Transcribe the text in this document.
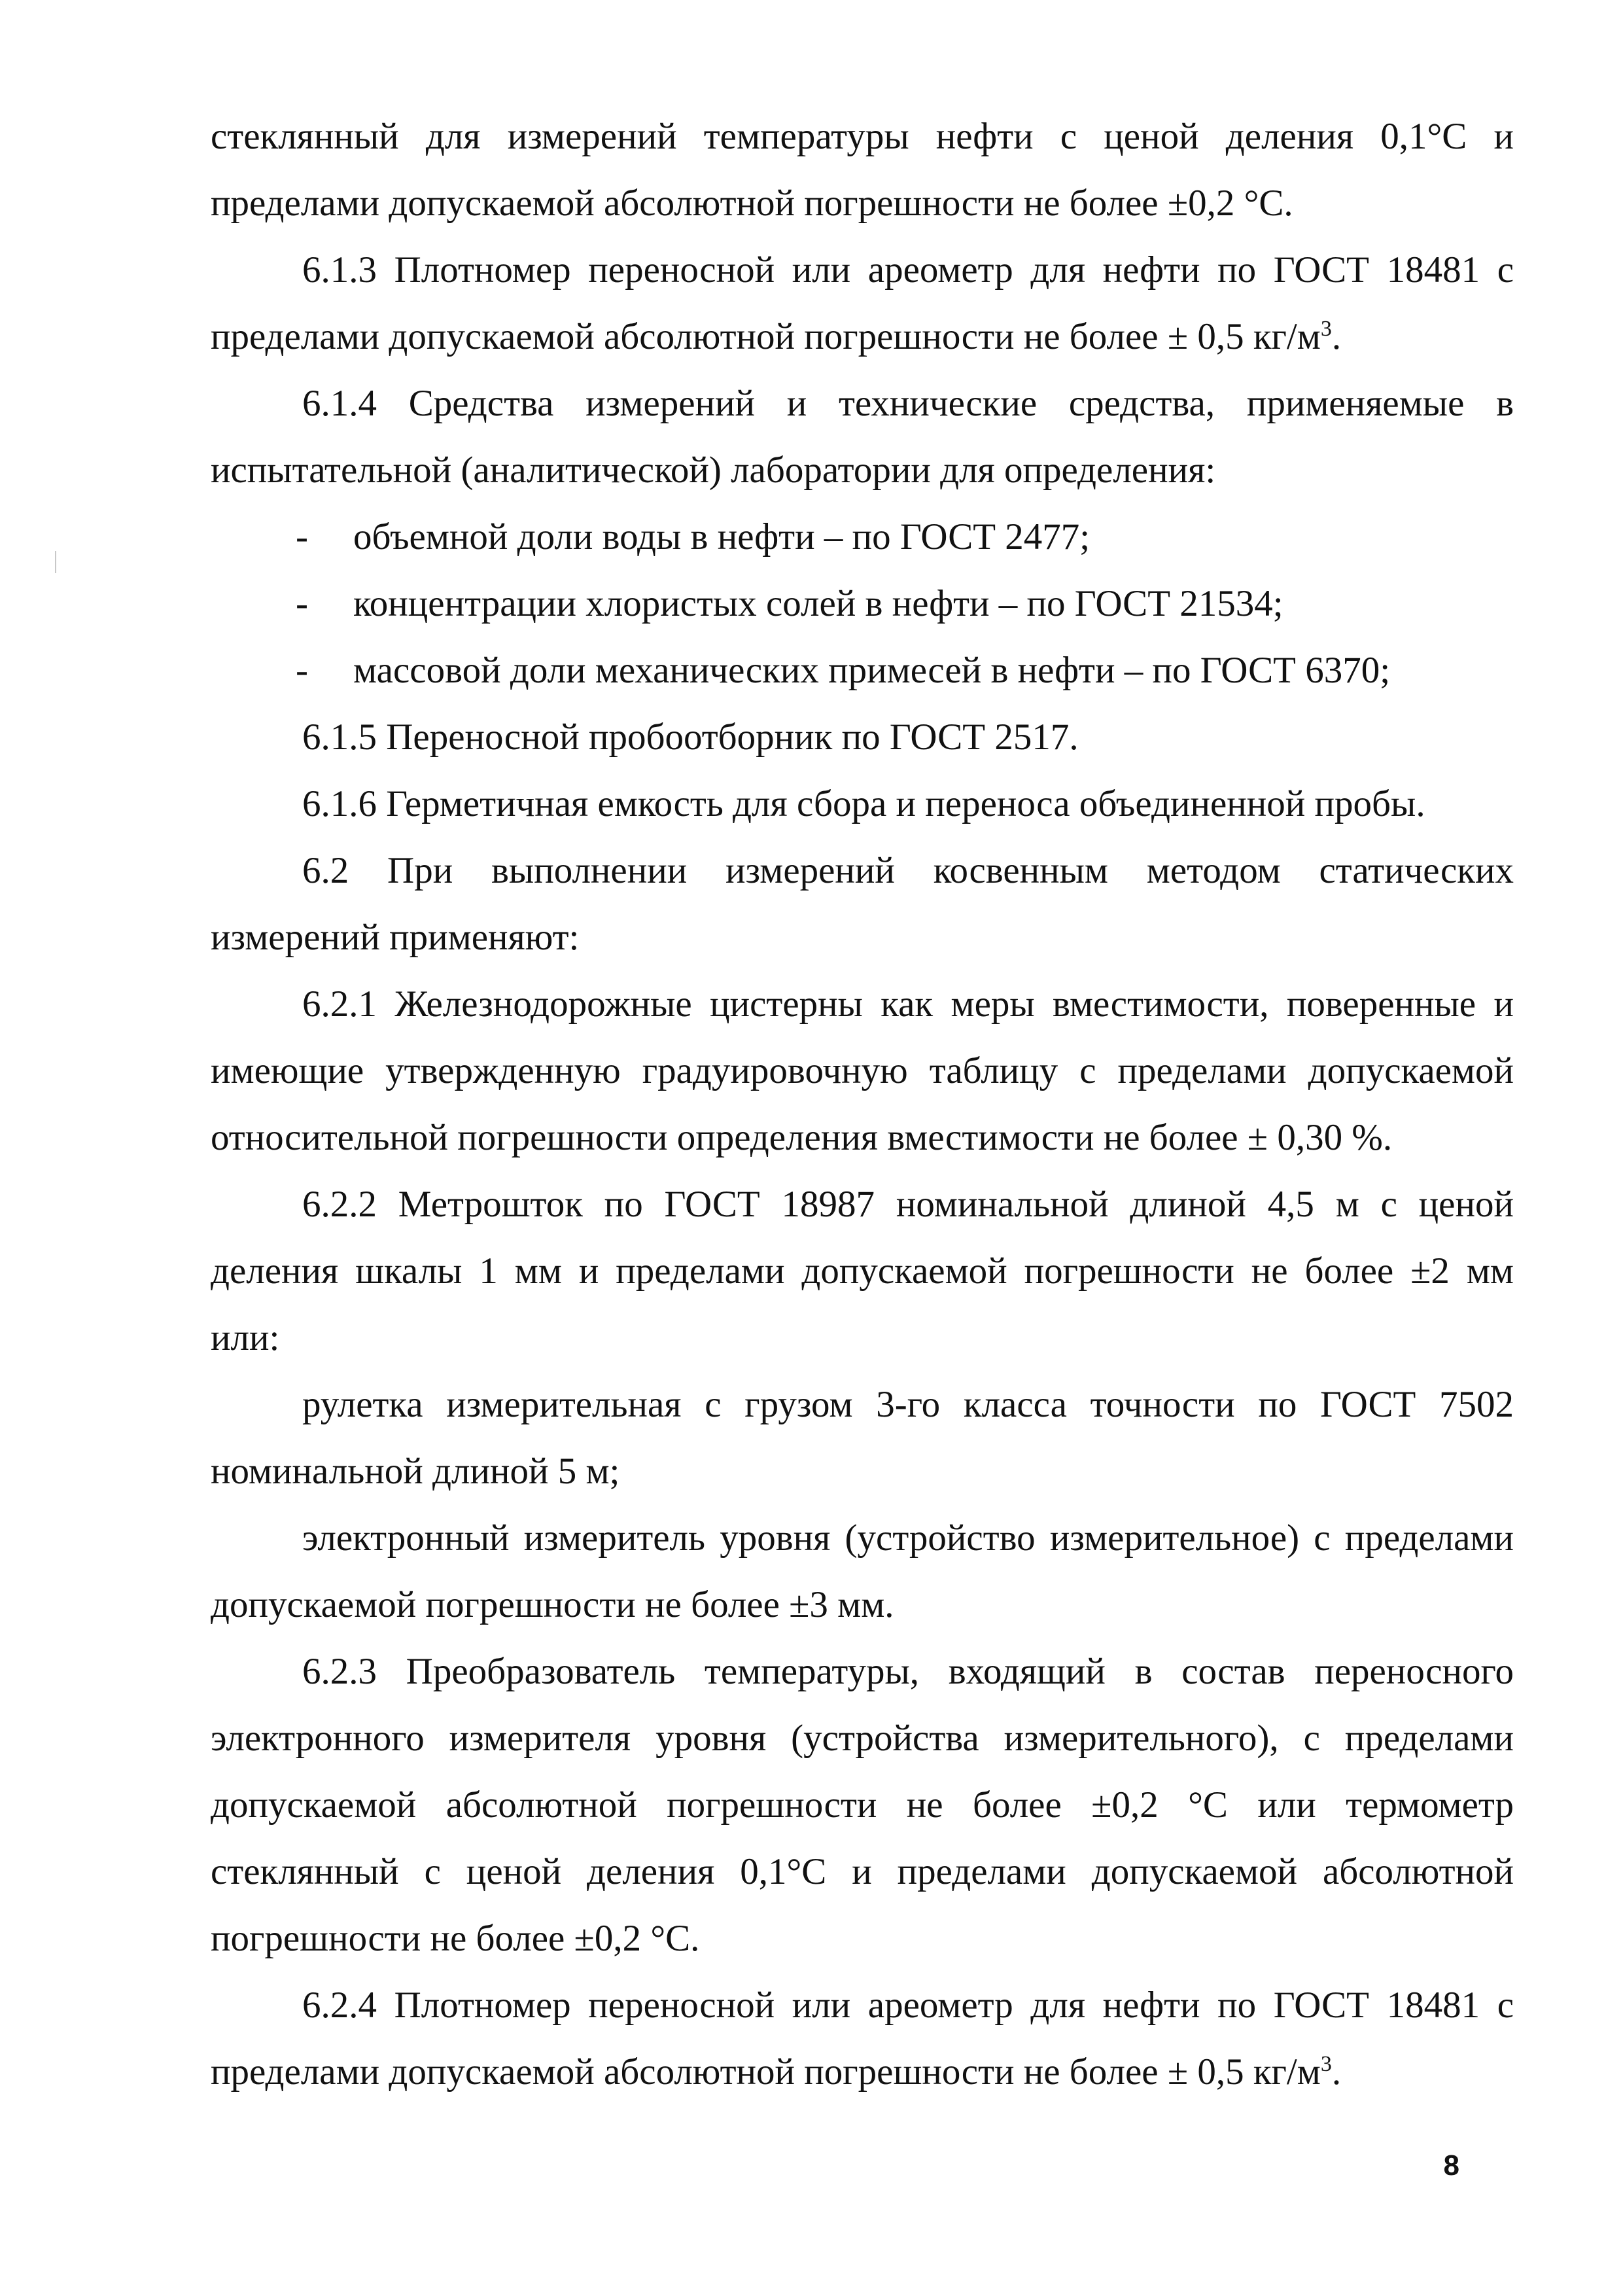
стеклянный для измерений температуры нефти с ценой деления 0,1°С и
пределами допускаемой абсолютной погрешности не более ±0,2 °С.
6.1.3 Плотномер переносной или ареометр для нефти по ГОСТ 18481 с
пределами допускаемой абсолютной погрешности не более ± 0,5 $кг/м^3$.
6.1.4 Средства измерений и технические средства, применяемые в
испытательной (аналитической) лаборатории для определения:
- объемной доли воды в нефти – по ГОСТ 2477;
- концентрации хлористых солей в нефти – по ГОСТ 21534;
- массовой доли механических примесей в нефти – по ГОСТ 6370;
6.1.5 Переносной пробоотборник по ГОСТ 2517.
6.1.6 Герметичная емкость для сбора и переноса объединенной пробы.
6.2 При выполнении измерений косвенным методом статических
измерений применяют:
6.2.1 Железнодорожные цистерны как меры вместимости, поверенные и
имеющие утвержденную градуировочную таблицу с пределами допускаемой
относительной погрешности определения вместимости не более ± 0,30 %.
6.2.2 Метрошток по ГОСТ 18987 номинальной длиной 4,5 м с ценой
деления шкалы 1 мм и пределами допускаемой погрешности не более ±2 мм
или:
рулетка измерительная с грузом 3-го класса точности по ГОСТ 7502
номинальной длиной 5 м;
электронный измеритель уровня (устройство измерительное) с пределами
допускаемой погрешности не более ±3 мм.
6.2.3 Преобразователь температуры, входящий в состав переносного
электронного измерителя уровня (устройства измерительного), с пределами
допускаемой абсолютной погрешности не более ±0,2 °С или термометр
стеклянный с ценой деления 0,1°С и пределами допускаемой абсолютной
погрешности не более ±0,2 °С.
6.2.4 Плотномер переносной или ареометр для нефти по ГОСТ 18481 с
пределами допускаемой абсолютной погрешности не более ± 0,5 $кг/м^3$.
8
